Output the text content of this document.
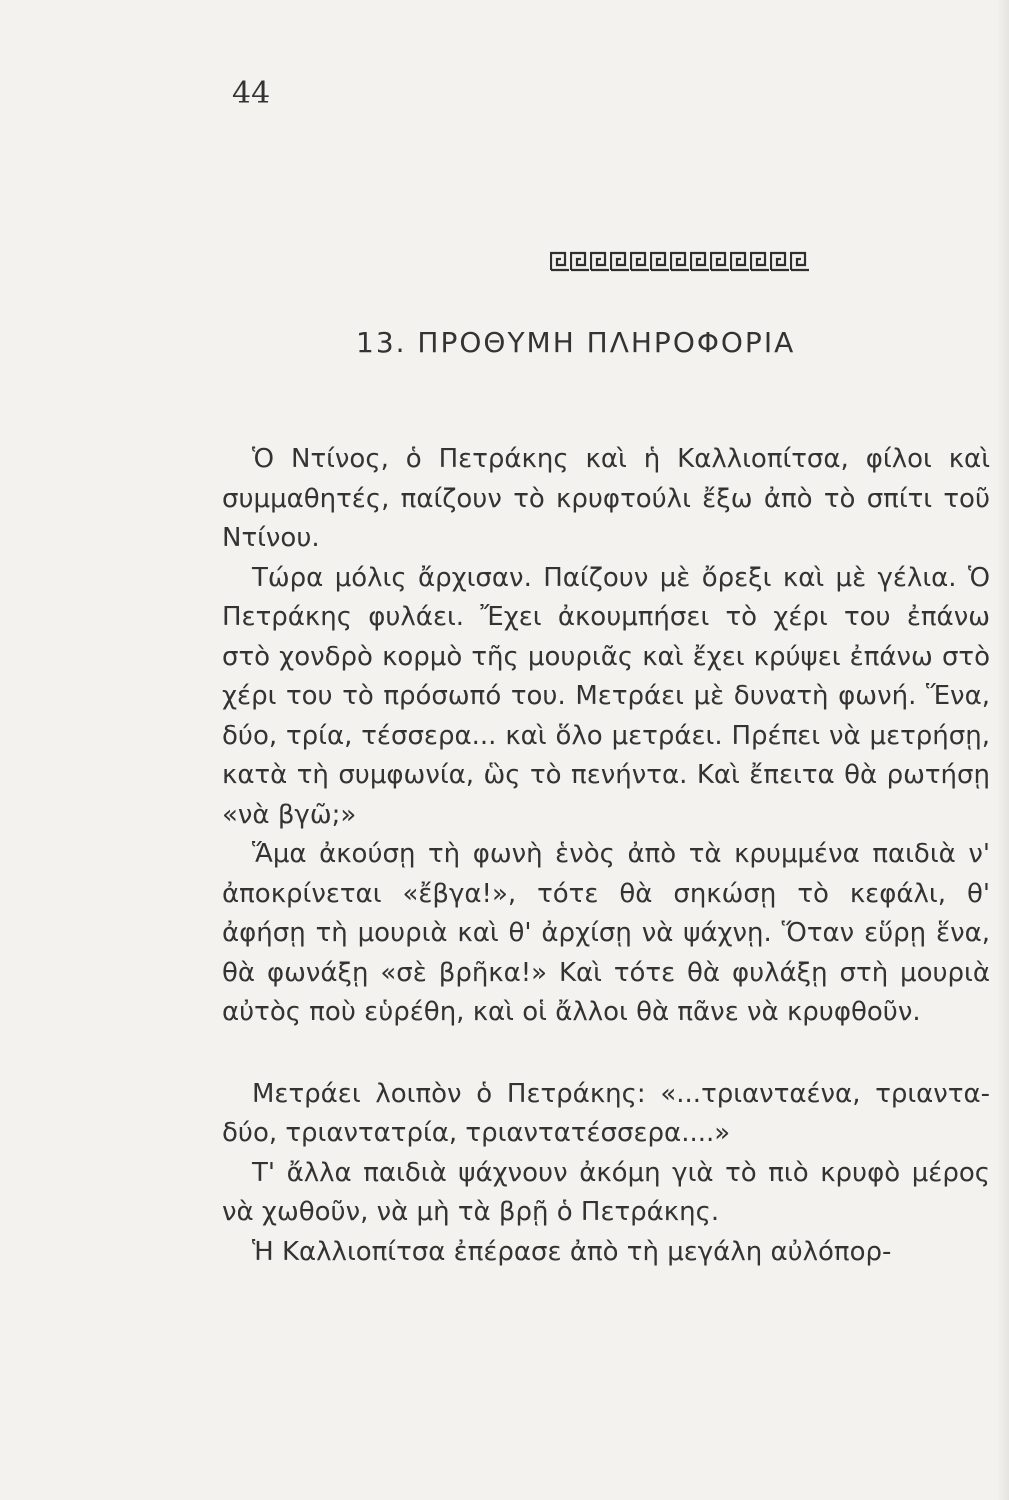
44
13. ΠΡΟΘΥΜΗ ΠΛΗΡΟΦΟΡΙΑ

Ὁ Ντίνος, ὁ Πετράκης καὶ ἡ Καλλιοπίτσα, φίλοι καὶ συμμαθητές, παίζουν τὸ κρυφτούλι ἔξω ἀπὸ τὸ σπίτι τοῦ Ντίνου.

Τώρα μόλις ἄρχισαν. Παίζουν μὲ ὄρεξι καὶ μὲ γέλια. Ὁ Πετράκης φυλάει. Ἔχει ἀκουμπήσει τὸ χέρι του ἐπάνω στὸ χονδρὸ κορμὸ τῆς μουριᾶς καὶ ἔχει κρύψει ἐπάνω στὸ χέρι του τὸ πρόσωπό του. Μετράει μὲ δυνατὴ φωνή. Ἕνα, δύο, τρία, τέσσερα... καὶ ὅλο μετράει. Πρέπει νὰ μετρήσῃ, κατὰ τὴ συμφωνία, ὣς τὸ πενήντα. Καὶ ἔπειτα θὰ ρωτήσῃ «νὰ βγῶ;»

Ἅμα ἀκούσῃ τὴ φωνὴ ἑνὸς ἀπὸ τὰ κρυμμένα παιδιὰ ν' ἀποκρίνεται «ἔβγα!», τότε θὰ σηκώσῃ τὸ κεφάλι, θ' ἀφήσῃ τὴ μουριὰ καὶ θ' ἀρχίσῃ νὰ ψάχνῃ. Ὅταν εὕρῃ ἕνα, θὰ φωνάξῃ «σὲ βρῆκα!» Καὶ τότε θὰ φυλάξῃ στὴ μουριὰ αὐτὸς ποὺ εὑρέθη, καὶ οἱ ἄλλοι θὰ πᾶνε νὰ κρυφθοῦν.

Μετράει λοιπὸν ὁ Πετράκης: «...τριανταένα, τριανταδύο, τριαντατρία, τριαντατέσσερα....»

Τ' ἄλλα παιδιὰ ψάχνουν ἀκόμη γιὰ τὸ πιὸ κρυφὸ μέρος νὰ χωθοῦν, νὰ μὴ τὰ βρῇ ὁ Πετράκης.

Ἡ Καλλιοπίτσα ἐπέρασε ἀπὸ τὴ μεγάλη αὐλόπορ-
